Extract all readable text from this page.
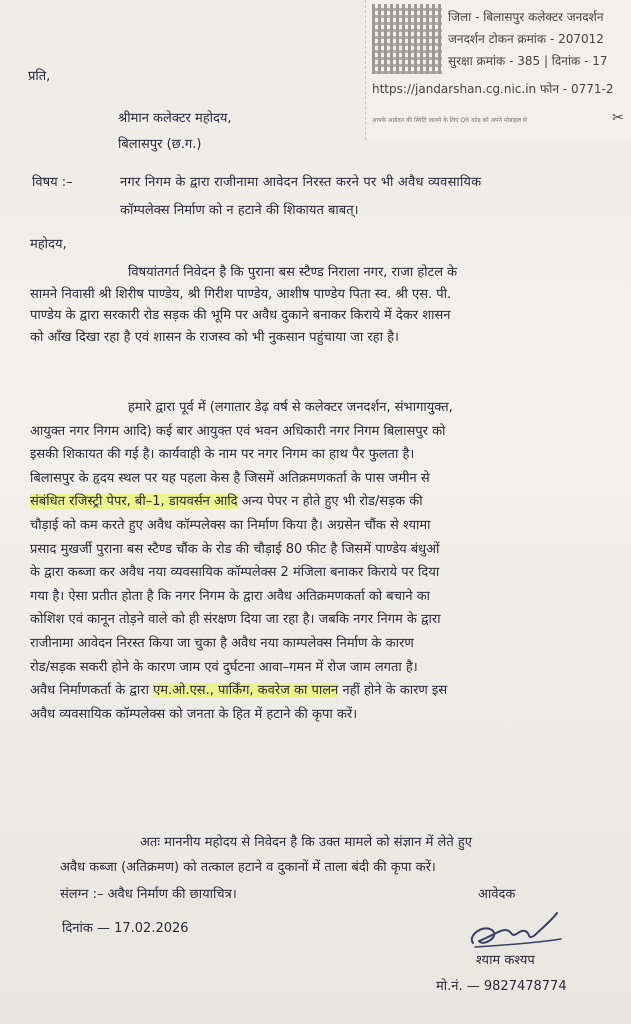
जिला - बिलासपुर कलेक्टर जनदर्शन
जनदर्शन टोकन क्रमांक - 207012
सुरक्षा क्रमांक - 385 | दिनांक - 17
https://jandarshan.cg.nic.in फोन - 0771-2
आपके आवेदन की स्थिति जानने के लिए QR कोड को अपने मोबाइल से	✂
प्रति,
श्रीमान कलेक्टर महोदय,
बिलासपुर (छ.ग.)
विषय :–	नगर निगम के द्वारा राजीनामा आवेदन निरस्त करने पर भी अवैध व्यवसायिक
कॉम्पलेक्स निर्माण को न हटाने की शिकायत बाबत्।
महोदय,
विषयांतगर्त निवेदन है कि पुराना बस स्टैण्ड निराला नगर, राजा होटल के
सामने निवासी श्री शिरीष पाण्डेय, श्री गिरीश पाण्डेय, आशीष पाण्डेय पिता स्व. श्री एस. पी.
पाण्डेय के द्वारा सरकारी रोड सड़क की भूमि पर अवैध दुकाने बनाकर किराये में देकर शासन
को आँख दिखा रहा है एवं शासन के राजस्व को भी नुकसान पहुंचाया जा रहा है।
हमारे द्वारा पूर्व में (लगातार डेढ़ वर्ष से कलेक्टर जनदर्शन, संभागायुक्त,
आयुक्त नगर निगम आदि) कई बार आयुक्त एवं भवन अधिकारी नगर निगम बिलासपुर को
इसकी शिकायत की गई है। कार्यवाही के नाम पर नगर निगम का हाथ पैर फुलता है।
बिलासपुर के हृदय स्थल पर यह पहला केस है जिसमें अतिक्रमणकर्ता के पास जमीन से
संबंधित रजिस्ट्री पेपर, बी–1, डायवर्सन आदि अन्य पेपर न होते हुए भी रोड/सड़क की
चौड़ाई को कम करते हुए अवैध कॉम्पलेक्स का निर्माण किया है। अग्रसेन चौंक से श्यामा
प्रसाद मुखर्जी पुराना बस स्टैण्ड चौंक के रोड की चौड़ाई 80 फीट है जिसमें पाण्डेय बंधुओं
के द्वारा कब्जा कर अवैध नया व्यवसायिक कॉम्पलेक्स 2 मंजिला बनाकर किराये पर दिया
गया है। ऐसा प्रतीत होता है कि नगर निगम के द्वारा अवैध अतिक्रमणकर्ता को बचाने का
कोशिश एवं कानून तोड़ने वाले को ही संरक्षण दिया जा रहा है। जबकि नगर निगम के द्वारा
राजीनामा आवेदन निरस्त किया जा चुका है अवैध नया काम्पलेक्स निर्माण के कारण
रोड/सड़क सकरी होने के कारण जाम एवं दुर्घटना आवा–गमन में रोज जाम लगता है।
अवैध निर्माणकर्ता के द्वारा एम.ओ.एस., पार्किंग, कवरेज का पालन नहीं होने के कारण इस
अवैध व्यवसायिक कॉम्पलेक्स को जनता के हित में हटाने की कृपा करें।
अतः माननीय महोदय से निवेदन है कि उक्त मामले को संज्ञान में लेते हुए
अवैध कब्जा (अतिक्रमण) को तत्काल हटाने व दुकानों में ताला बंदी की कृपा करें।
संलग्न :– अवैध निर्माण की छायाचित्र।	आवेदक
दिनांक — 17.02.2026
श्याम कश्यप
मो.नं. — 9827478774
